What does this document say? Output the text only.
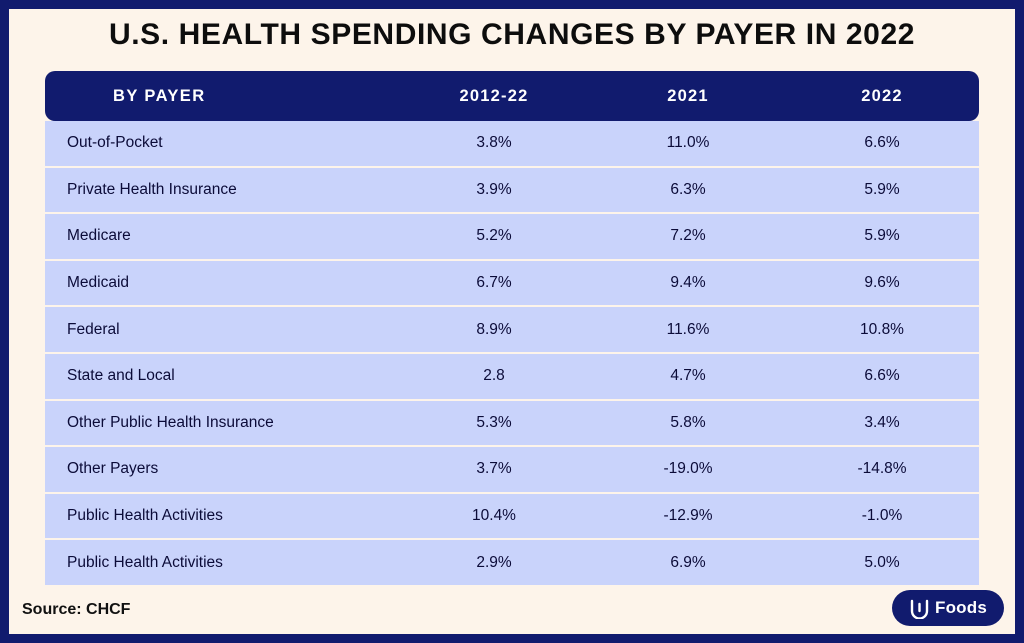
U.S. HEALTH SPENDING CHANGES BY PAYER IN 2022
BY PAYER	2012-22	2021	2022
Out-of-Pocket	3.8%	11.0%	6.6%
Private Health Insurance	3.9%	6.3%	5.9%
Medicare	5.2%	7.2%	5.9%
Medicaid	6.7%	9.4%	9.6%
Federal	8.9%	11.6%	10.8%
State and Local	2.8	4.7%	6.6%
Other Public Health Insurance	5.3%	5.8%	3.4%
Other Payers	3.7%	-19.0%	-14.8%
Public Health Activities	10.4%	-12.9%	-1.0%
Public Health Activities	2.9%	6.9%	5.0%
Source: CHCF	Foods
